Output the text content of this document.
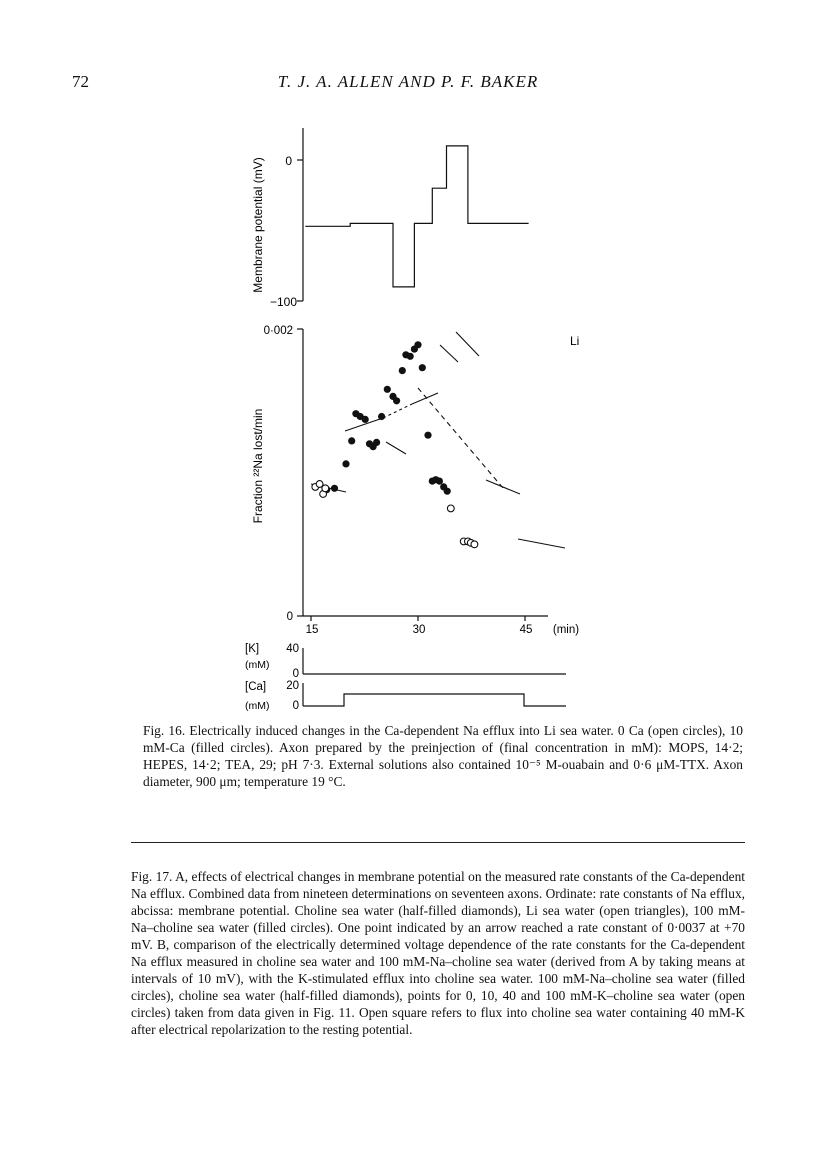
72	T. J. A. ALLEN AND P. F. BAKER
0
−100
Membrane potential (mV)
0·002
0
15	30	45 (min)
Fraction ²²Na lost/min
Li
[K]
(mM)
40
0
[Ca]
(mM)
20
0
Fig. 16. Electrically induced changes in the Ca-dependent Na efflux into Li sea water. 0 Ca (open circles), 10 mM-Ca (filled circles). Axon prepared by the preinjection of (final concentration in mM): MOPS, 14·2; HEPES, 14·2; TEA, 29; pH 7·3. External solutions also contained 10⁻⁵ M-ouabain and 0·6 μM-TTX. Axon diameter, 900 μm; temperature 19 °C.
Fig. 17. A, effects of electrical changes in membrane potential on the measured rate constants of the Ca-dependent Na efflux. Combined data from nineteen determinations on seventeen axons. Ordinate: rate constants of Na efflux, abcissa: membrane potential. Choline sea water (half-filled diamonds), Li sea water (open triangles), 100 mM-Na–choline sea water (filled circles). One point indicated by an arrow reached a rate constant of 0·0037 at +70 mV. B, comparison of the electrically determined voltage dependence of the rate constants for the Ca-dependent Na efflux measured in choline sea water and 100 mM-Na–choline sea water (derived from A by taking means at intervals of 10 mV), with the K-stimulated efflux into choline sea water. 100 mM-Na–choline sea water (filled circles), choline sea water (half-filled diamonds), points for 0, 10, 40 and 100 mM-K–choline sea water (open circles) taken from data given in Fig. 11. Open square refers to flux into choline sea water containing 40 mM-K after electrical repolarization to the resting potential.
